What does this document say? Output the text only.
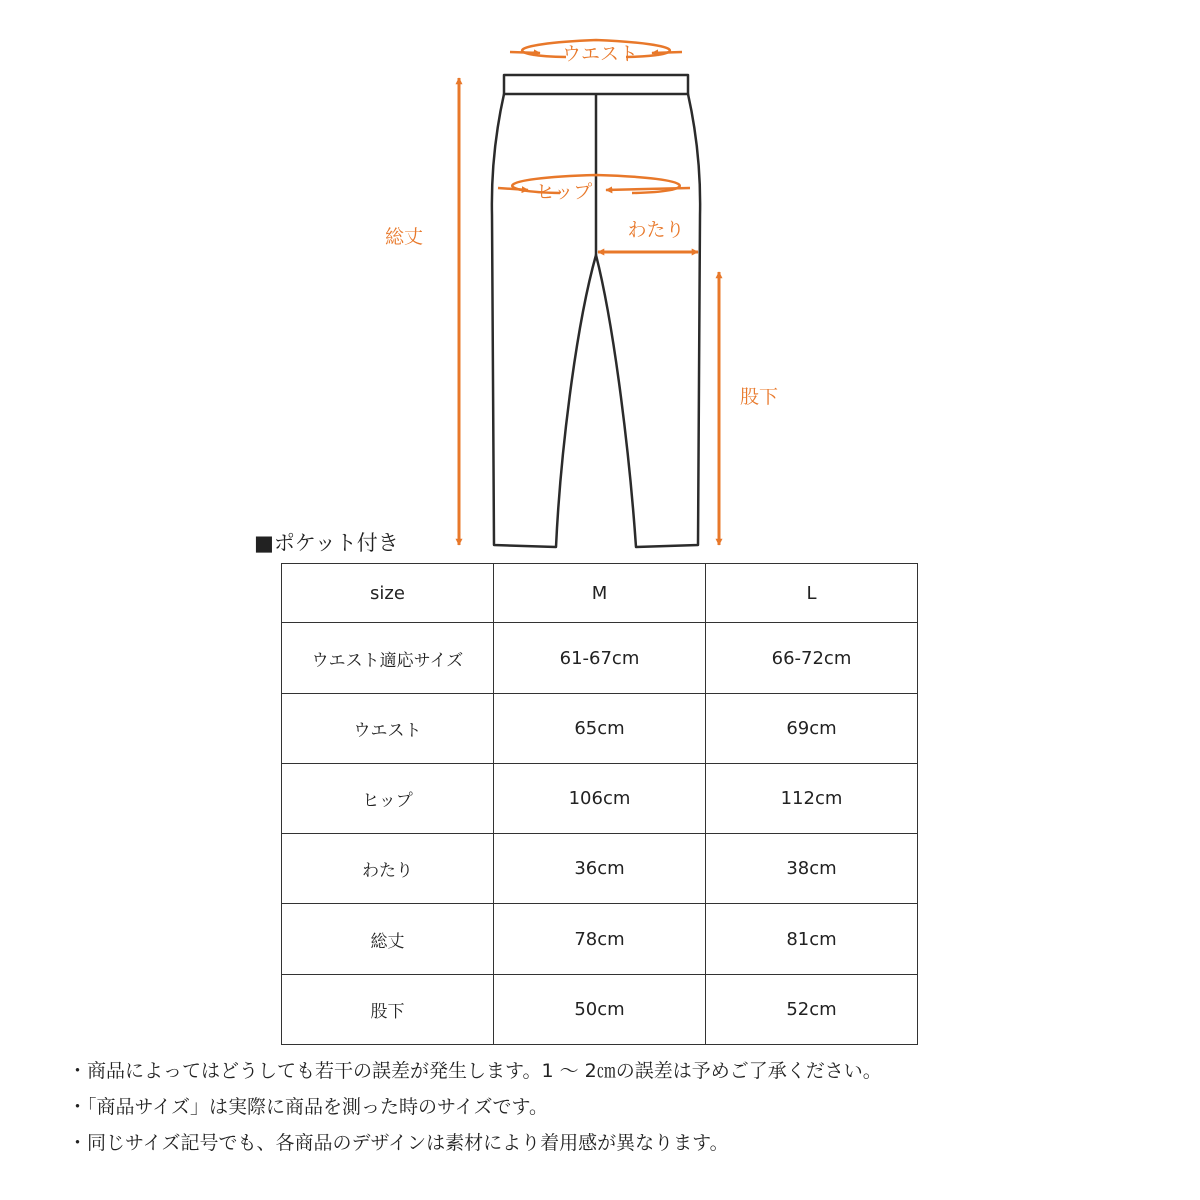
ウエスト
ヒップ
わたり
総丈
股下
■ポケット付き
size	M	L
ウエスト適応サイズ	61-67cm	66-72cm
ウエスト	65cm	69cm
ヒップ	106cm	112cm
わたり	36cm	38cm
総丈	78cm	81cm
股下	50cm	52cm
・商品によってはどうしても若干の誤差が発生します。1 ～ 2㎝の誤差は予めご了承ください。
・「商品サイズ」は実際に商品を測った時のサイズです。
・同じサイズ記号でも、各商品のデザインは素材により着用感が異なります。
